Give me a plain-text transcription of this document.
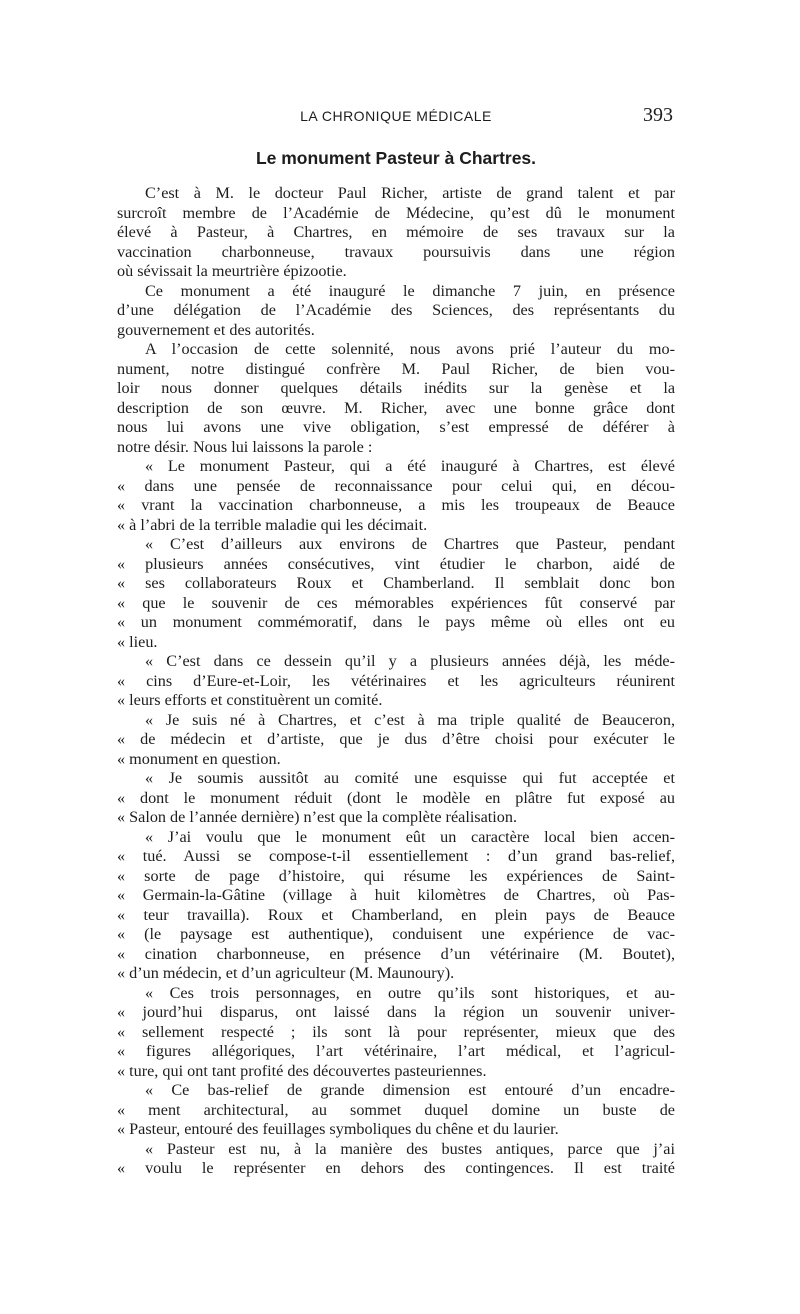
LA CHRONIQUE MÉDICALE	393
Le monument Pasteur à Chartres.
C’est à M. le docteur Paul Richer, artiste de grand talent et par
surcroît membre de l’Académie de Médecine, qu’est dû le monument
élevé à Pasteur, à Chartres, en mémoire de ses travaux sur la
vaccination charbonneuse, travaux poursuivis dans une région
où sévissait la meurtrière épizootie.
Ce monument a été inauguré le dimanche 7 juin, en présence
d’une délégation de l’Académie des Sciences, des représentants du
gouvernement et des autorités.
A l’occasion de cette solennité, nous avons prié l’auteur du mo-
nument, notre distingué confrère M. Paul Richer, de bien vou-
loir nous donner quelques détails inédits sur la genèse et la
description de son œuvre. M. Richer, avec une bonne grâce dont
nous lui avons une vive obligation, s’est empressé de déférer à
notre désir. Nous lui laissons la parole :
« Le monument Pasteur, qui a été inauguré à Chartres, est élevé
« dans une pensée de reconnaissance pour celui qui, en décou-
« vrant la vaccination charbonneuse, a mis les troupeaux de Beauce
« à l’abri de la terrible maladie qui les décimait.
« C’est d’ailleurs aux environs de Chartres que Pasteur, pendant
« plusieurs années consécutives, vint étudier le charbon, aidé de
« ses collaborateurs Roux et Chamberland. Il semblait donc bon
« que le souvenir de ces mémorables expériences fût conservé par
« un monument commémoratif, dans le pays même où elles ont eu
« lieu.
« C’est dans ce dessein qu’il y a plusieurs années déjà, les méde-
« cins d’Eure-et-Loir, les vétérinaires et les agriculteurs réunirent
« leurs efforts et constituèrent un comité.
« Je suis né à Chartres, et c’est à ma triple qualité de Beauceron,
« de médecin et d’artiste, que je dus d’être choisi pour exécuter le
« monument en question.
« Je soumis aussitôt au comité une esquisse qui fut acceptée et
« dont le monument réduit (dont le modèle en plâtre fut exposé au
« Salon de l’année dernière) n’est que la complète réalisation.
« J’ai voulu que le monument eût un caractère local bien accen-
« tué. Aussi se compose-t-il essentiellement : d’un grand bas-relief,
« sorte de page d’histoire, qui résume les expériences de Saint-
« Germain-la-Gâtine (village à huit kilomètres de Chartres, où Pas-
« teur travailla). Roux et Chamberland, en plein pays de Beauce
« (le paysage est authentique), conduisent une expérience de vac-
« cination charbonneuse, en présence d’un vétérinaire (M. Boutet),
« d’un médecin, et d’un agriculteur (M. Maunoury).
« Ces trois personnages, en outre qu’ils sont historiques, et au-
« jourd’hui disparus, ont laissé dans la région un souvenir univer-
« sellement respecté ; ils sont là pour représenter, mieux que des
« figures allégoriques, l’art vétérinaire, l’art médical, et l’agricul-
« ture, qui ont tant profité des découvertes pasteuriennes.
« Ce bas-relief de grande dimension est entouré d’un encadre-
« ment architectural, au sommet duquel domine un buste de
« Pasteur, entouré des feuillages symboliques du chêne et du laurier.
« Pasteur est nu, à la manière des bustes antiques, parce que j’ai
« voulu le représenter en dehors des contingences. Il est traité
